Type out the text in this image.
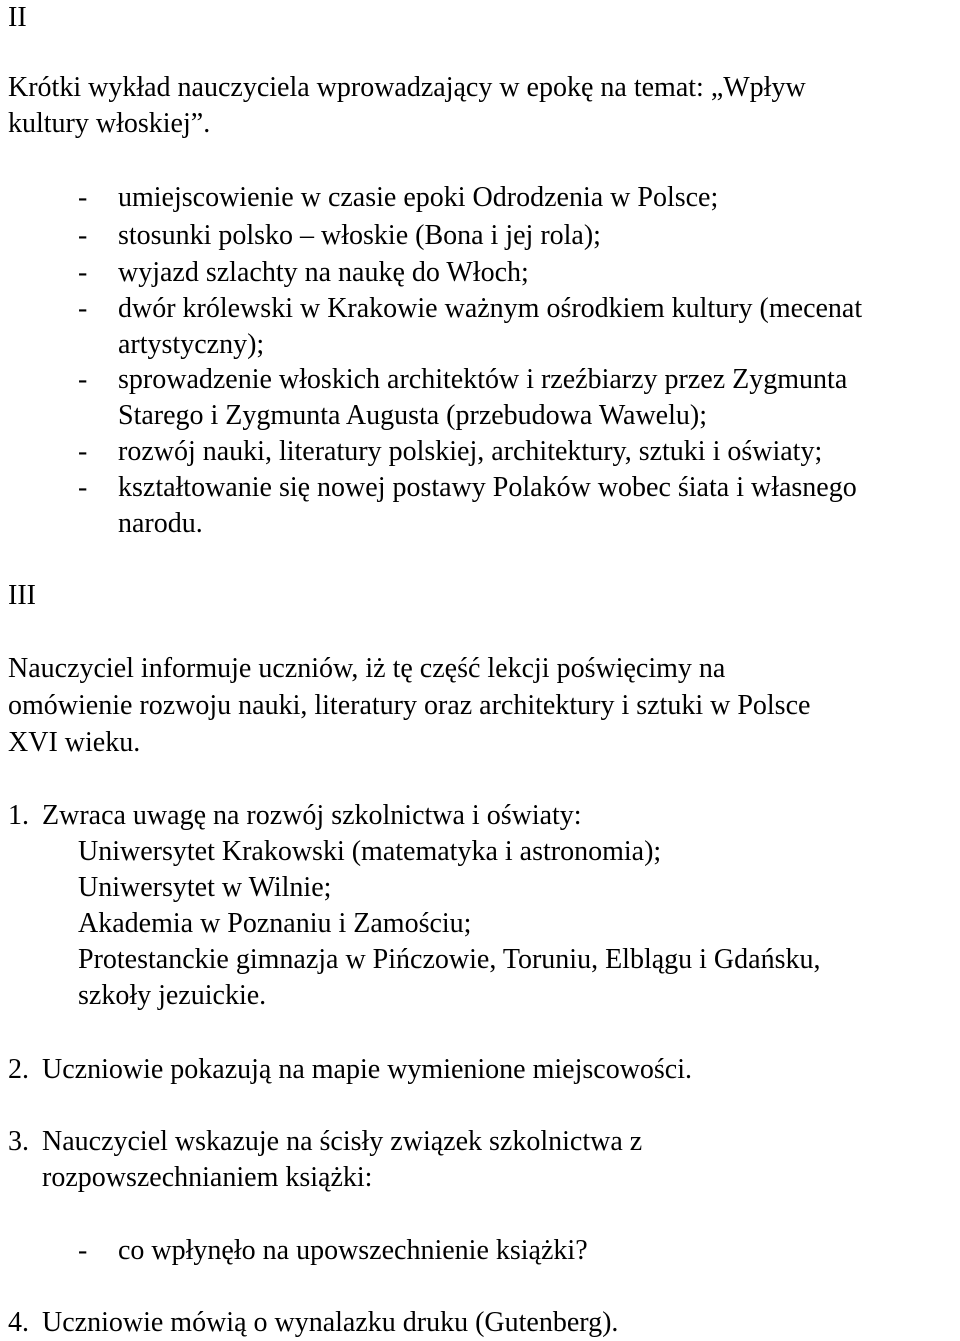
II
Krótki wykład nauczyciela wprowadzający w epokę na temat: „Wpływ
kultury włoskiej”.
- umiejscowienie w czasie epoki Odrodzenia w Polsce;
- stosunki polsko – włoskie (Bona i jej rola);
- wyjazd szlachty na naukę do Włoch;
- dwór królewski w Krakowie ważnym ośrodkiem kultury (mecenat
artystyczny);
- sprowadzenie włoskich architektów i rzeźbiarzy przez Zygmunta
Starego i Zygmunta Augusta (przebudowa Wawelu);
- rozwój nauki, literatury polskiej, architektury, sztuki i oświaty;
- kształtowanie się nowej postawy Polaków wobec śiata i własnego
narodu.
III
Nauczyciel informuje uczniów, iż tę część lekcji poświęcimy na
omówienie rozwoju nauki, literatury oraz architektury i sztuki w Polsce
XVI wieku.
1. Zwraca uwagę na rozwój szkolnictwa i oświaty:
Uniwersytet Krakowski (matematyka i astronomia);
Uniwersytet w Wilnie;
Akademia w Poznaniu i Zamościu;
Protestanckie gimnazja w Pińczowie, Toruniu, Elblągu i Gdańsku,
szkoły jezuickie.
2. Uczniowie pokazują na mapie wymienione miejscowości.
3. Nauczyciel wskazuje na ścisły związek szkolnictwa z
rozpowszechnianiem książki:
- co wpłynęło na upowszechnienie książki?
4. Uczniowie mówią o wynalazku druku (Gutenberg).
